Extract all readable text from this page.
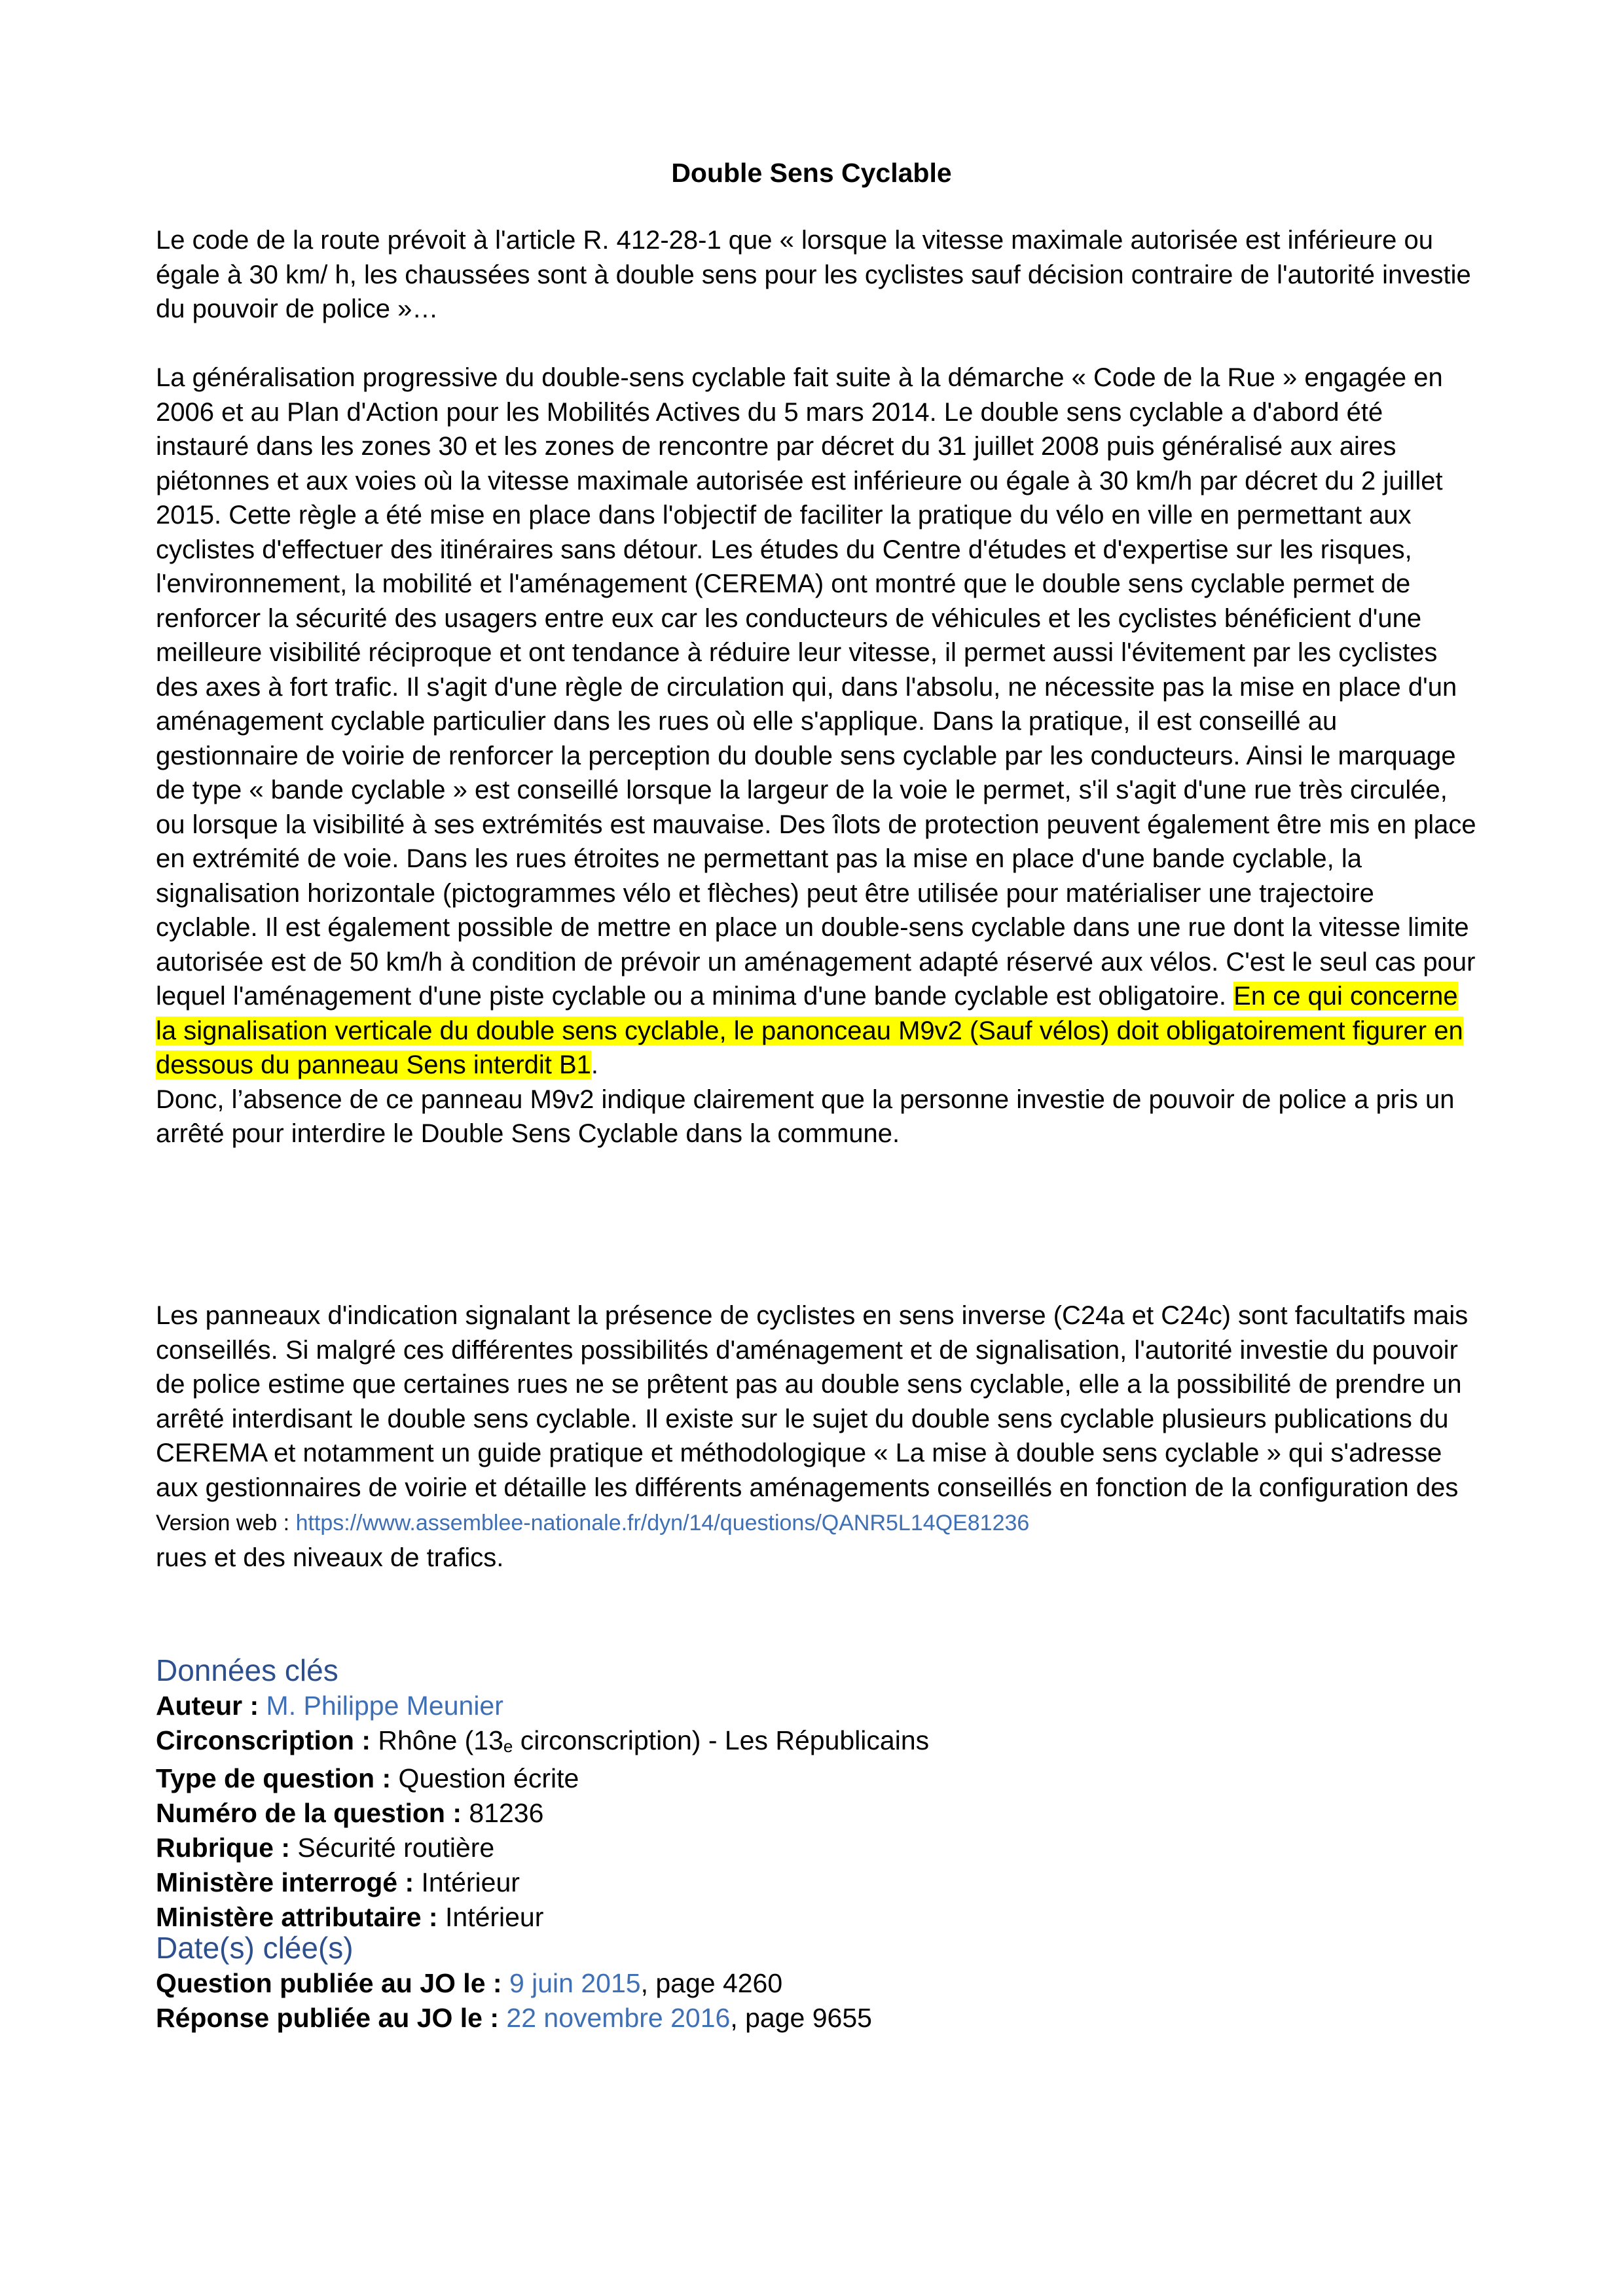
Double Sens Cyclable
Le code de la route prévoit à l'article R. 412-28-1 que « lorsque la vitesse maximale autorisée est inférieure ou égale à 30 km/ h, les chaussées sont à double sens pour les cyclistes sauf décision contraire de l'autorité investie du pouvoir de police »…
La généralisation progressive du double-sens cyclable fait suite à la démarche « Code de la Rue » engagée en 2006 et au Plan d'Action pour les Mobilités Actives du 5 mars 2014. Le double sens cyclable a d'abord été instauré dans les zones 30 et les zones de rencontre par décret du 31 juillet 2008 puis généralisé aux aires piétonnes et aux voies où la vitesse maximale autorisée est inférieure ou égale à 30 km/h par décret du 2 juillet 2015. Cette règle a été mise en place dans l'objectif de faciliter la pratique du vélo en ville en permettant aux cyclistes d'effectuer des itinéraires sans détour. Les études du Centre d'études et d'expertise sur les risques, l'environnement, la mobilité et l'aménagement (CEREMA) ont montré que le double sens cyclable permet de renforcer la sécurité des usagers entre eux car les conducteurs de véhicules et les cyclistes bénéficient d'une meilleure visibilité réciproque et ont tendance à réduire leur vitesse, il permet aussi l'évitement par les cyclistes des axes à fort trafic. Il s'agit d'une règle de circulation qui, dans l'absolu, ne nécessite pas la mise en place d'un aménagement cyclable particulier dans les rues où elle s'applique. Dans la pratique, il est conseillé au gestionnaire de voirie de renforcer la perception du double sens cyclable par les conducteurs. Ainsi le marquage de type « bande cyclable » est conseillé lorsque la largeur de la voie le permet, s'il s'agit d'une rue très circulée, ou lorsque la visibilité à ses extrémités est mauvaise. Des îlots de protection peuvent également être mis en place en extrémité de voie. Dans les rues étroites ne permettant pas la mise en place d'une bande cyclable, la signalisation horizontale (pictogrammes vélo et flèches) peut être utilisée pour matérialiser une trajectoire cyclable. Il est également possible de mettre en place un double-sens cyclable dans une rue dont la vitesse limite autorisée est de 50 km/h à condition de prévoir un aménagement adapté réservé aux vélos. C'est le seul cas pour lequel l'aménagement d'une piste cyclable ou a minima d'une bande cyclable est obligatoire. En ce qui concerne la signalisation verticale du double sens cyclable, le panonceau M9v2 (Sauf vélos) doit obligatoirement figurer en dessous du panneau Sens interdit B1.
Donc, l’absence de ce panneau M9v2 indique clairement que la personne investie de pouvoir de police a pris un arrêté pour interdire le Double Sens Cyclable dans la commune.
Les panneaux d'indication signalant la présence de cyclistes en sens inverse (C24a et C24c) sont facultatifs mais conseillés. Si malgré ces différentes possibilités d'aménagement et de signalisation, l'autorité investie du pouvoir de police estime que certaines rues ne se prêtent pas au double sens cyclable, elle a la possibilité de prendre un arrêté interdisant le double sens cyclable. Il existe sur le sujet du double sens cyclable plusieurs publications du CEREMA et notamment un guide pratique et méthodologique « La mise à double sens cyclable » qui s'adresse aux gestionnaires de voirie et détaille les différents aménagements conseillés en fonction de la configuration des Version web : https://www.assemblee-nationale.fr/dyn/14/questions/QANR5L14QE81236
rues et des niveaux de trafics.
Données clés
Auteur : M. Philippe Meunier
Circonscription : Rhône ($13_e$ circonscription) - Les Républicains
Type de question : Question écrite
Numéro de la question : 81236
Rubrique : Sécurité routière
Ministère interrogé : Intérieur
Ministère attributaire : Intérieur
Date(s) clée(s)
Question publiée au JO le : 9 juin 2015, page 4260
Réponse publiée au JO le : 22 novembre 2016, page 9655
